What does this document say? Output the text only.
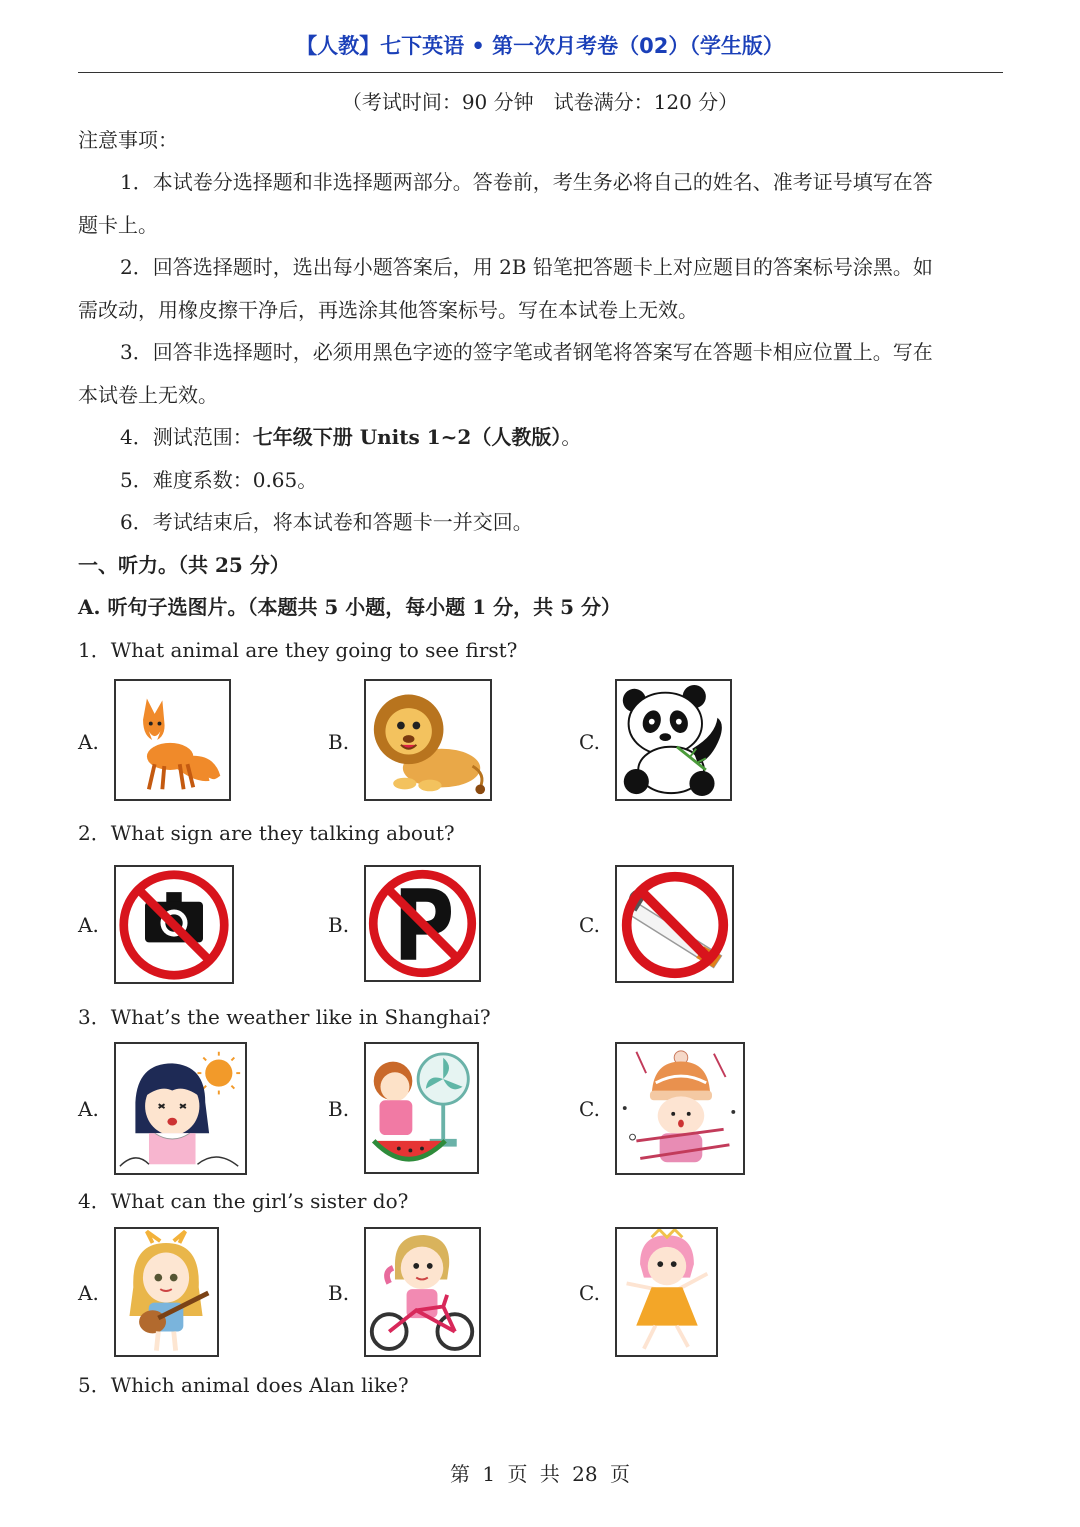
【人教】七下英语 • 第一次月考卷（02）（学生版）
（考试时间：90 分钟　试卷满分：120 分）
注意事项：
1．本试卷分选择题和非选择题两部分。答卷前，考生务必将自己的姓名、准考证号填写在答
题卡上。
2．回答选择题时，选出每小题答案后，用 2B 铅笔把答题卡上对应题目的答案标号涂黑。如
需改动，用橡皮擦干净后，再选涂其他答案标号。写在本试卷上无效。
3．回答非选择题时，必须用黑色字迹的签字笔或者钢笔将答案写在答题卡相应位置上。写在
本试卷上无效。
4．测试范围：七年级下册 Units 1~2（人教版）。
5．难度系数：0.65。
6．考试结束后，将本试卷和答题卡一并交回。
一、听力。（共 25 分）
A. 听句子选图片。（本题共 5 小题，每小题 1 分，共 5 分）
1．What animal are they going to see first?
A.	B.	C.
2．What sign are they talking about?
A.	B.	C.
3．What’s the weather like in Shanghai?
A.	B.	C.
4．What can the girl’s sister do?
A.	B.	C.
5．Which animal does Alan like?
第 1 页 共 28 页
